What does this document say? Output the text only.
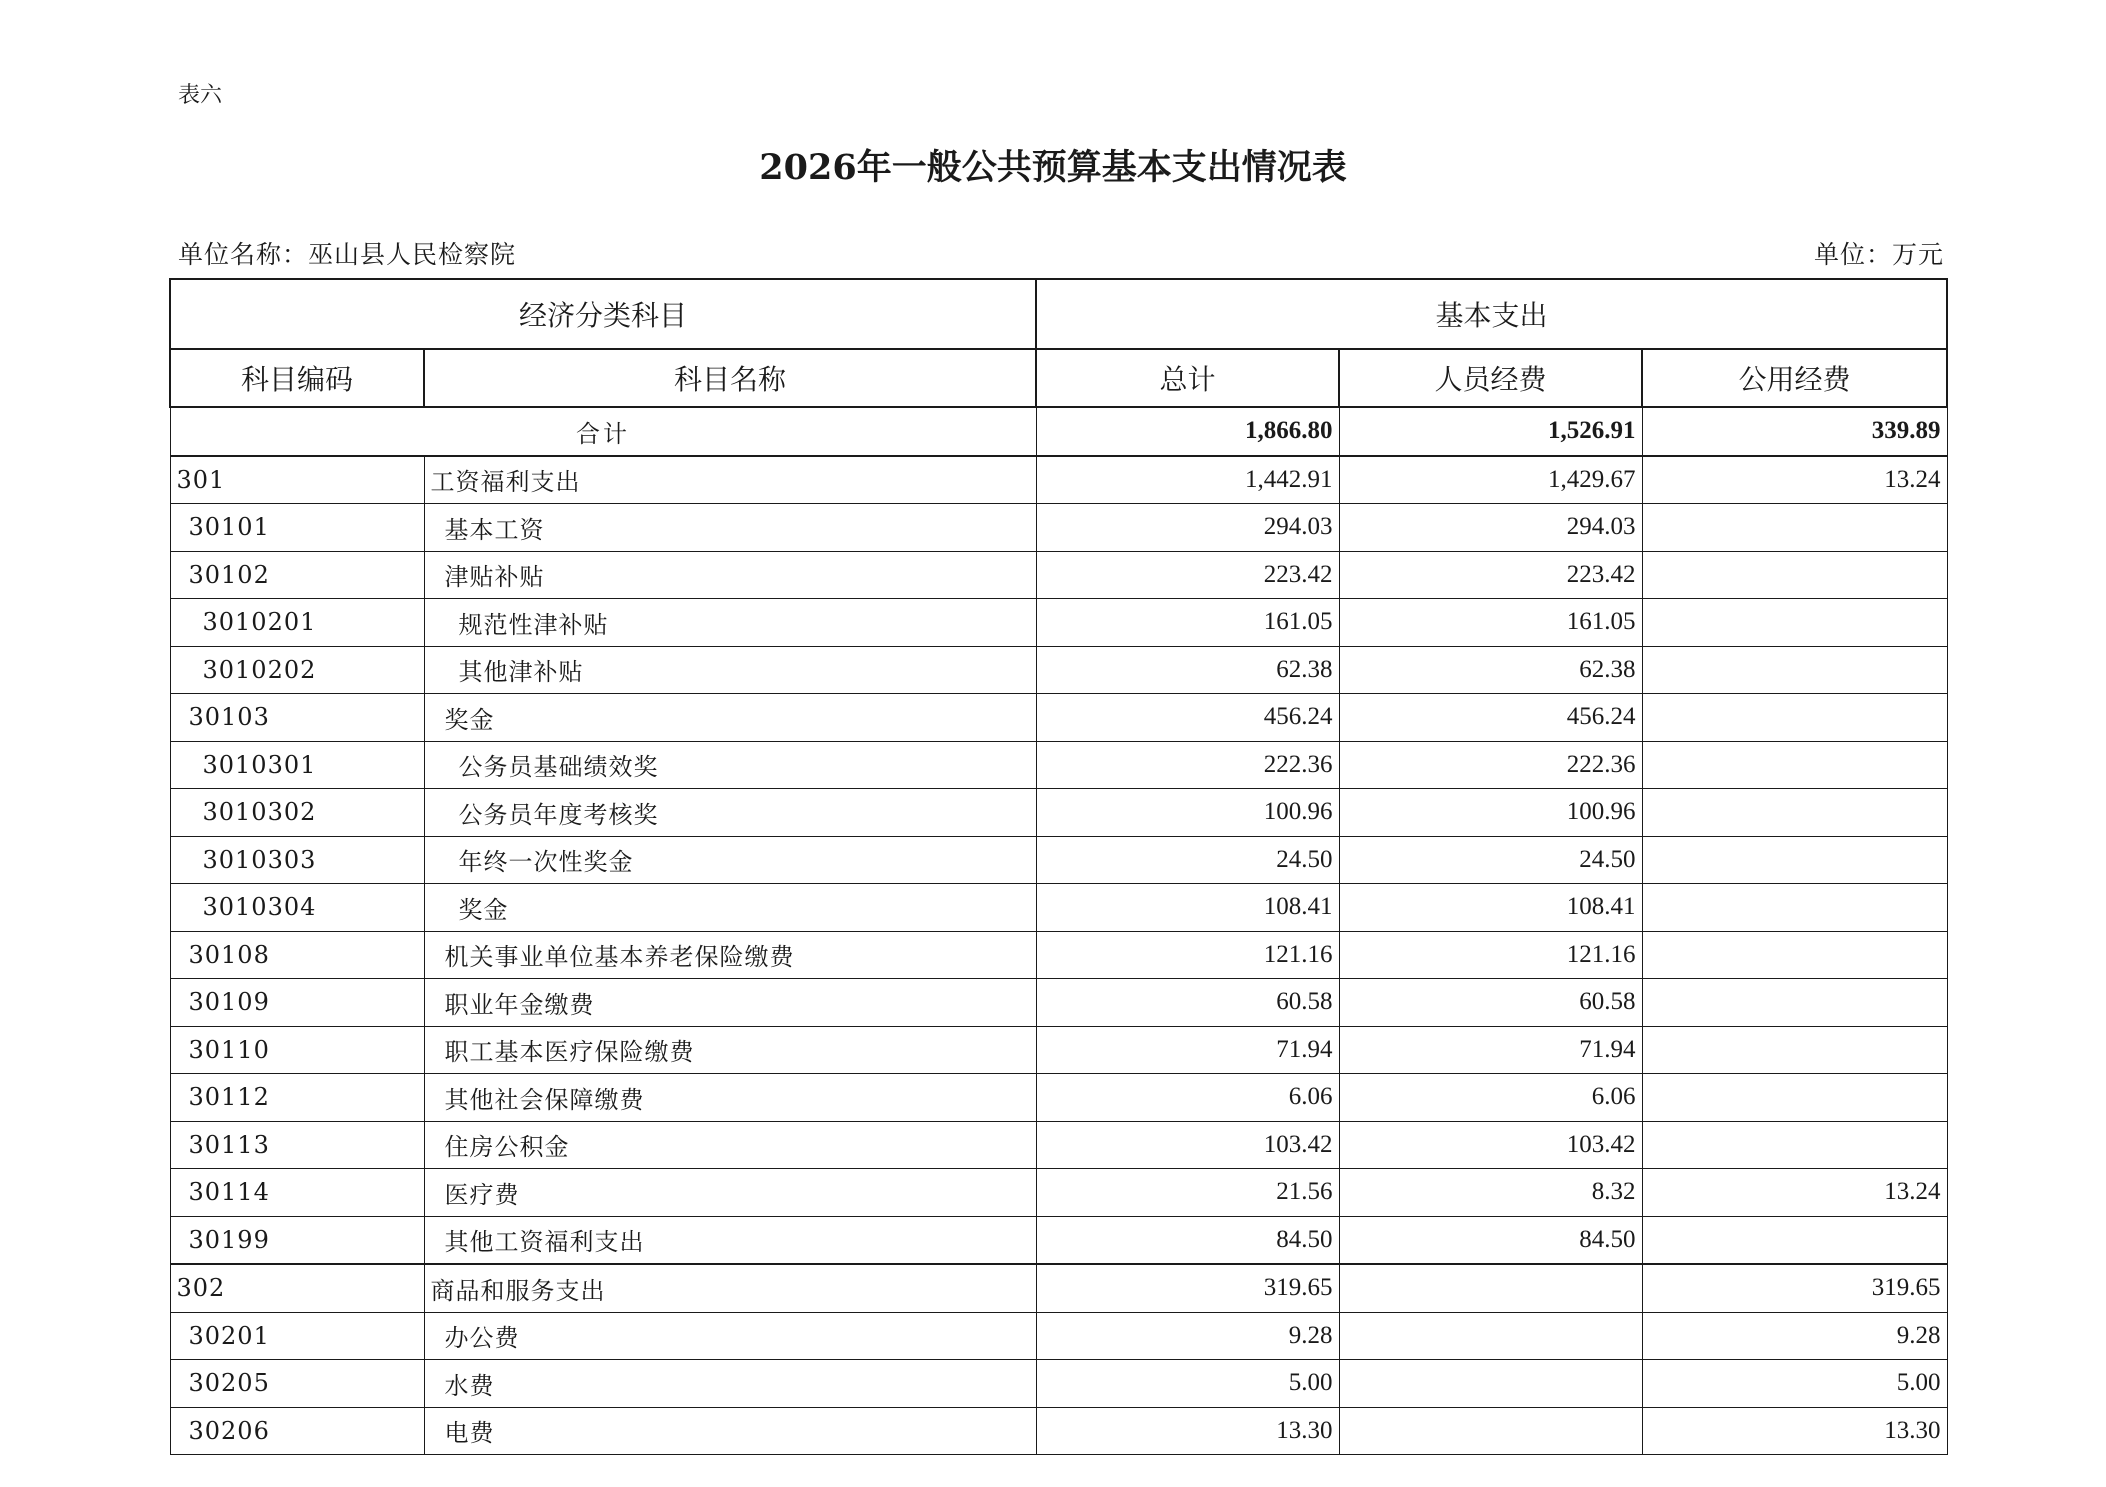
表六
2026年一般公共预算基本支出情况表
单位名称：巫山县人民检察院	单位：万元
经济分类科目		基本支出		
科目编码	科目名称	总计	人员经费	公用经费
合计		1,866.80	1,526.91	339.89
301	工资福利支出	1,442.91	1,429.67	13.24
30101	基本工资	294.03	294.03	
30102	津贴补贴	223.42	223.42	
3010201	规范性津补贴	161.05	161.05	
3010202	其他津补贴	62.38	62.38	
30103	奖金	456.24	456.24	
3010301	公务员基础绩效奖	222.36	222.36	
3010302	公务员年度考核奖	100.96	100.96	
3010303	年终一次性奖金	24.50	24.50	
3010304	奖金	108.41	108.41	
30108	机关事业单位基本养老保险缴费	121.16	121.16	
30109	职业年金缴费	60.58	60.58	
30110	职工基本医疗保险缴费	71.94	71.94	
30112	其他社会保障缴费	6.06	6.06	
30113	住房公积金	103.42	103.42	
30114	医疗费	21.56	8.32	13.24
30199	其他工资福利支出	84.50	84.50	
302	商品和服务支出	319.65		319.65
30201	办公费	9.28		9.28
30205	水费	5.00		5.00
30206	电费	13.30		13.30
